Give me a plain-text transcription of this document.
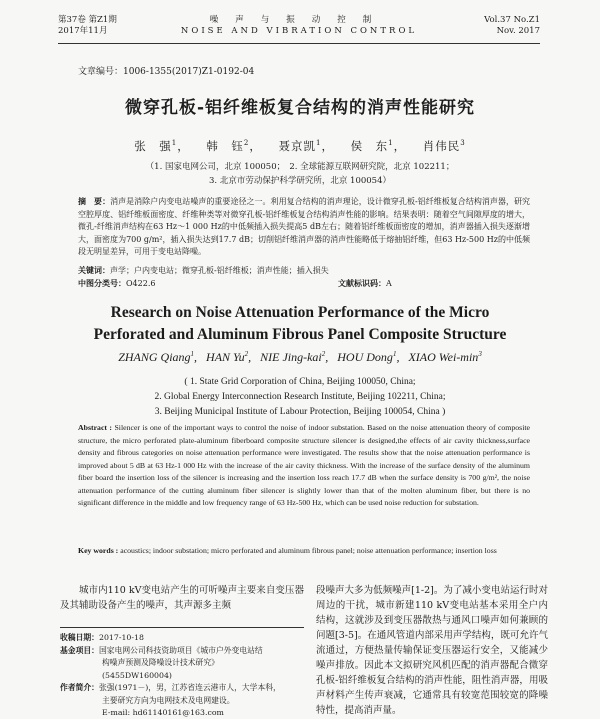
第37卷 第Z1期
2017年11月
噪声与振动控制
NOISE AND VIBRATION CONTROL
Vol.37 No.Z1
Nov. 2017
文章编号：1006-1355(2017)Z1-0192-04
微穿孔板-铝纤维板复合结构的消声性能研究
张　强$^1$， 韩　钰$^2$， 聂京凯$^1$， 侯　东$^1$， 肖伟民$^3$
（1. 国家电网公司，北京 100050；　2. 全球能源互联网研究院，北京 102211；
3. 北京市劳动保护科学研究所，北京 100054）
摘　要：消声是消除户内变电站噪声的重要途径之一。利用复合结构的消声理论，设计微穿孔板-铝纤维板复合结构消声器，研究空腔厚度、铝纤维板面密度、纤维种类等对微穿孔板-铝纤维板复合结构消声性能的影响。结果表明：随着空气间隙厚度的增大，微孔-纤维消声结构在63 Hz～1 000 Hz的中低频插入损失提高5 dB左右；随着铝纤维板面密度的增加，消声器插入损失逐渐增大，面密度为700 g/m²，插入损失达到17.7 dB；切削铝纤维消声器的消声性能略低于熔抽铝纤维，但63 Hz-500 Hz的中低频段无明显差异，可用于变电站降噪。
关键词：声学；户内变电站；微穿孔板-铝纤维板；消声性能；插入损失
中图分类号：O422.6	文献标识码：A
Research on Noise Attenuation Performance of the Micro
Perforated and Aluminum Fibrous Panel Composite Structure
ZHANG Qiang$^1$, HAN Yu$^2$, NIE Jing-kai$^2$, HOU Dong$^1$, XIAO Wei-$\min^3$
( 1. State Grid Corporation of China, Beijing 100050, China;
2. Global Energy Interconnection Research Institute, Beijing 102211, China;
3. Beijing Municipal Institute of Labour Protection, Beijing 100054, China )
Abstract : Silencer is one of the important ways to control the noise of indoor substation. Based on the noise attenuation theory of composite structure, the micro perforated plate-aluminum fiberboard composite structure silencer is designed,the effects of air cavity thickness,surface density and fibrous categories on noise attenuation performance were investigated. The results show that the noise attenuation performance is improved about 5 dB at 63 Hz-1 000 Hz with the increase of the air cavity thickness. With the increase of the surface density of the aluminum fiber board the insertion loss of the silencer is increasing and the insertion loss reach 17.7 dB when the surface density is 700 g/m², the noise attenuation performance of the cutting aluminum fiber silencer is slightly lower than that of the molten aluminum fiber, but there is no significant difference in the middle and low frequency range of 63 Hz-500 Hz, which can be used noise reduction for substation.
Key words : acoustics; indoor substation; micro perforated and aluminum fibrous panel; noise attenuation performance; insertion loss
城市内110 kV变电站产生的可听噪声主要来自变压器及其辅助设备产生的噪声，其声源多主频
段噪声大多为低频噪声[1-2]。为了减小变电站运行时对周边的干扰，城市新建110 kV变电站基本采用全户内结构，这就涉及到变压器散热与通风口噪声如何兼顾的问题[3-5]。在通风管道内部采用声学结构，既可允许气流通过，方便热量传输保证变压器运行安全，又能减少噪声排放。因此本文拟研究风机匹配的消声器配合微穿孔板-铝纤维板复合结构的消声性能，阻性消声器，用吸声材料产生传声衰减，它通常具有较宽范围较宽的降噪特性，提高消声量。
收稿日期： 2017-10-18
基金项目： 国家电网公司科技资助项目《城市户外变电站结
构噪声预测及降噪设计技术研究》
(5455DW160004)
作者简介： 张强(1971－)，男，江苏省连云港市人，大学本科，
主要研究方向为电网技术及电网建设。
E-mail: hd61140161@163.com
